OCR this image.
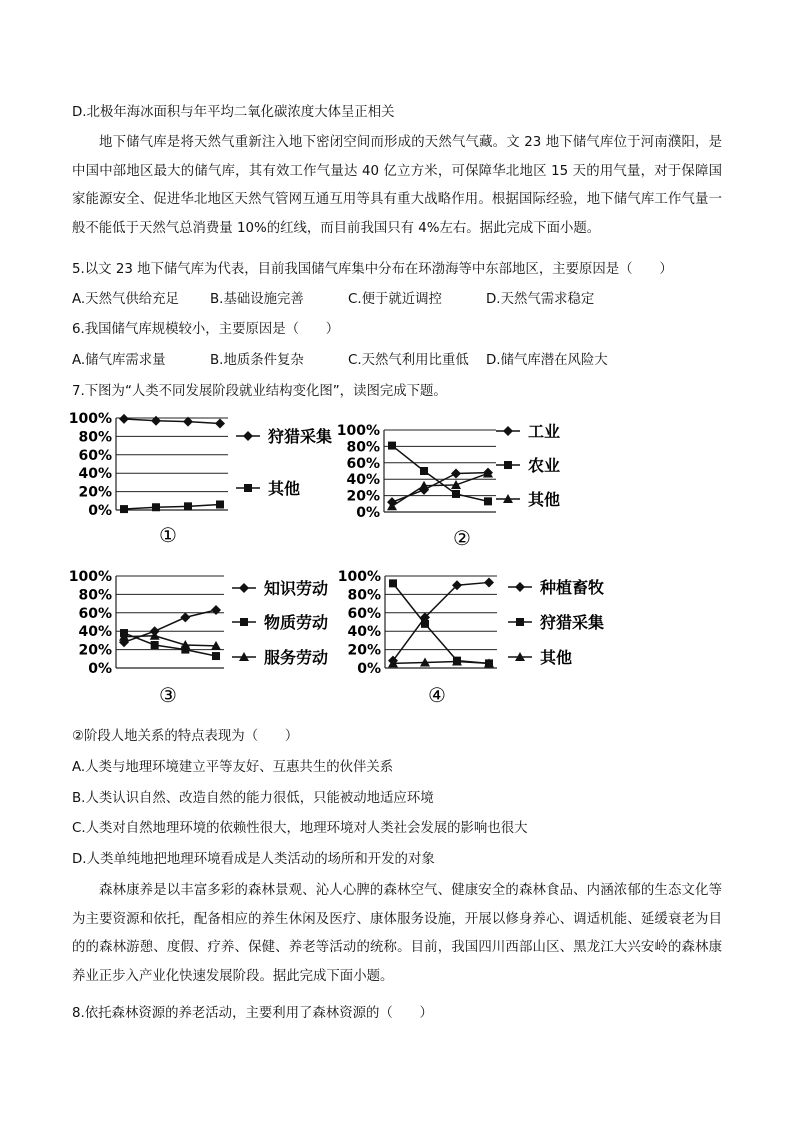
D.北极年海冰面积与年平均二氧化碳浓度大体呈正相关
地下储气库是将天然气重新注入地下密闭空间而形成的天然气气藏。文 23 地下储气库位于河南濮阳，是中国中部地区最大的储气库，其有效工作气量达 40 亿立方米，可保障华北地区 15 天的用气量，对于保障国家能源安全、促进华北地区天然气管网互通互用等具有重大战略作用。根据国际经验，地下储气库工作气量一般不能低于天然气总消费量 10%的红线，而目前我国只有 4%左右。据此完成下面小题。
5.以文 23 地下储气库为代表，目前我国储气库集中分布在环渤海等中东部地区，主要原因是（　　）
A.天然气供给充足 B.基础设施完善	C.便于就近调控	D.天然气需求稳定
6.我国储气库规模较小，主要原因是（　　）
A.储气库需求量	B.地质条件复杂	C.天然气利用比重低 D.储气库潜在风险大
7.下图为“人类不同发展阶段就业结构变化图”，读图完成下题。
100%
80%
60%
40%
20%
0%
狩猎采集
其他
①
100%
80%
60%
40%
20%
0%
工业
农业
其他
②
100%
80%
60%
40%
20%
0%
知识劳动
物质劳动
服务劳动
③
100%
80%
60%
40%
20%
0%
种植畜牧
狩猎采集
其他
④
②阶段人地关系的特点表现为（　　）
A.人类与地理环境建立平等友好、互惠共生的伙伴关系
B.人类认识自然、改造自然的能力很低，只能被动地适应环境
C.人类对自然地理环境的依赖性很大，地理环境对人类社会发展的影响也很大
D.人类单纯地把地理环境看成是人类活动的场所和开发的对象
森林康养是以丰富多彩的森林景观、沁人心脾的森林空气、健康安全的森林食品、内涵浓郁的生态文化等为主要资源和依托，配备相应的养生休闲及医疗、康体服务设施，开展以修身养心、调适机能、延缓衰老为目的的森林游憩、度假、疗养、保健、养老等活动的统称。目前，我国四川西部山区、黑龙江大兴安岭的森林康养业正步入产业化快速发展阶段。据此完成下面小题。
8.依托森林资源的养老活动，主要利用了森林资源的（　　）
